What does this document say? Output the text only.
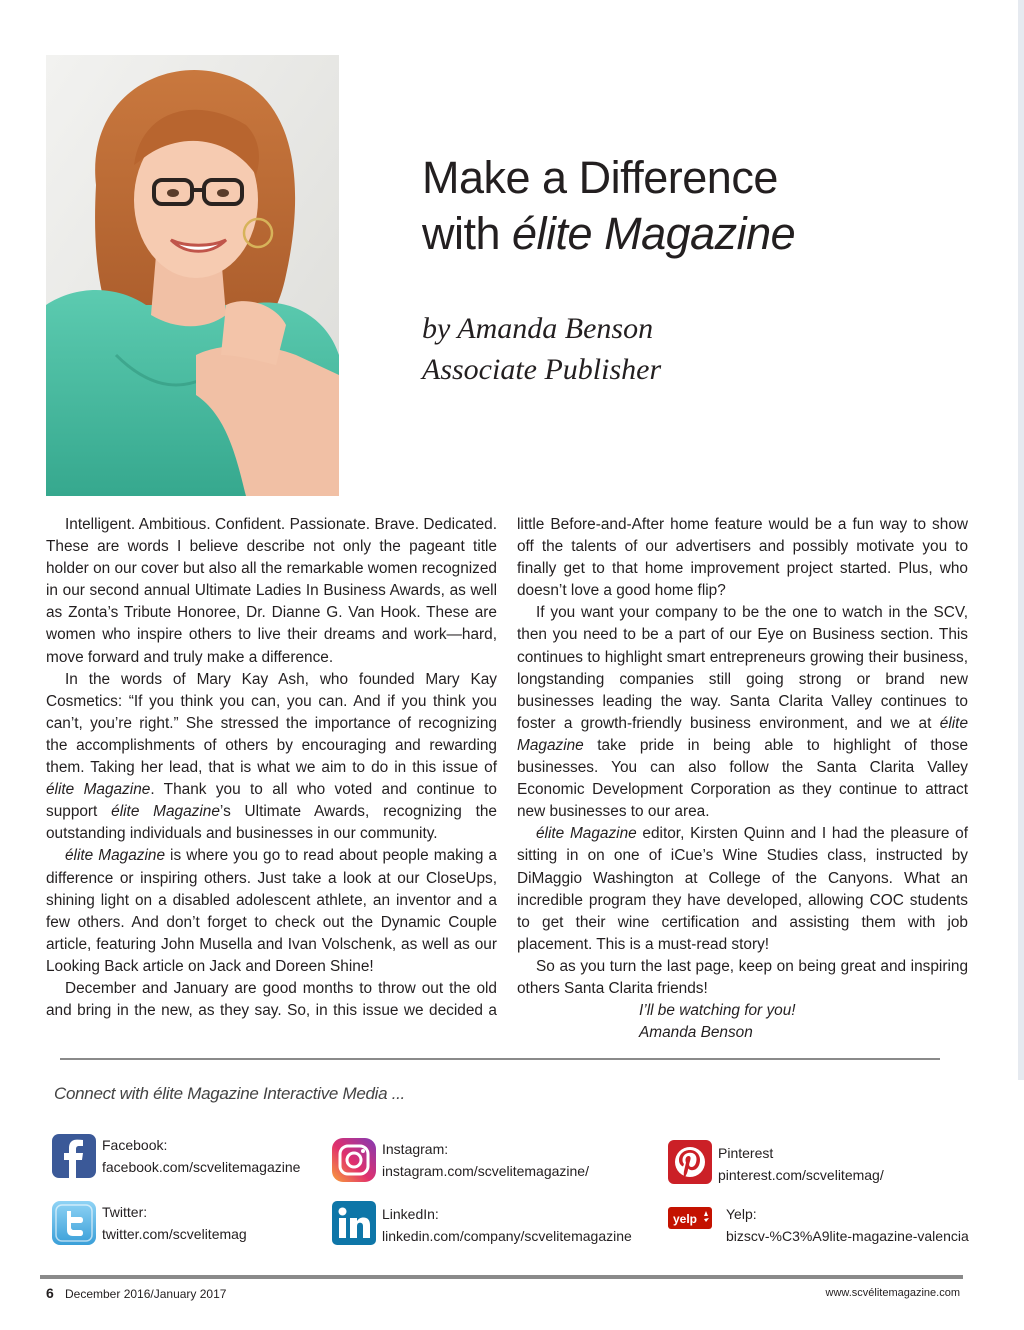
Make a Difference
with élite Magazine
by Amanda Benson
Associate Publisher

Intelligent. Ambitious. Confident. Passionate. Brave. Dedicated. These are words I believe describe not only the pageant title holder on our cover but also all the remarkable women recognized in our second annual Ultimate Ladies In Business Awards, as well as Zonta’s Tribute Honoree, Dr. Dianne G. Van Hook. These are women who inspire others to live their dreams and work—hard, move forward and truly make a difference.

In the words of Mary Kay Ash, who founded Mary Kay Cosmetics: “If you think you can, you can. And if you think you can’t, you’re right.” She stressed the importance of recognizing the accomplishments of others by encouraging and rewarding them. Taking her lead, that is what we aim to do in this issue of élite Magazine. Thank you to all who voted and continue to support élite Magazine’s Ultimate Awards, recognizing the outstanding individuals and businesses in our community.

élite Magazine is where you go to read about people making a difference or inspiring others. Just take a look at our CloseUps, shining light on a disabled adolescent athlete, an inventor and a few others. And don’t forget to check out the Dynamic Couple article, featuring John Musella and Ivan Volschenk, as well as our Looking Back article on Jack and Doreen Shine!

December and January are good months to throw out the old and bring in the new, as they say. So, in this issue we decided a

little Before-and-After home feature would be a fun way to show off the talents of our advertisers and possibly motivate you to finally get to that home improvement project started. Plus, who doesn’t love a good home flip?

If you want your company to be the one to watch in the SCV, then you need to be a part of our Eye on Business section. This continues to highlight smart entrepreneurs growing their business, longstanding companies still going strong or brand new businesses leading the way. Santa Clarita Valley continues to foster a growth-friendly business environment, and we at élite Magazine take pride in being able to highlight of those businesses. You can also follow the Santa Clarita Valley Economic Development Corporation as they continue to attract new businesses to our area.

élite Magazine editor, Kirsten Quinn and I had the pleasure of sitting in on one of iCue’s Wine Studies class, instructed by DiMaggio Washington at College of the Canyons. What an incredible program they have developed, allowing COC students to get their wine certification and assisting them with job placement. This is a must-read story!

So as you turn the last page, keep on being great and inspiring others Santa Clarita friends!

I’ll be watching for you!
Amanda Benson
Connect with élite Magazine Interactive Media ...
Facebook:
facebook.com/scvelitemagazine
Instagram:
instagram.com/scvelitemagazine/
Pinterest
pinterest.com/scvelitemag/
Twitter:
twitter.com/scvelitemag
LinkedIn:
linkedin.com/company/scvelitemagazine
yelp Yelp:
bizscv-%C3%A9lite-magazine-valencia
6 December 2016/January 2017	www.scvélitemagazine.com
